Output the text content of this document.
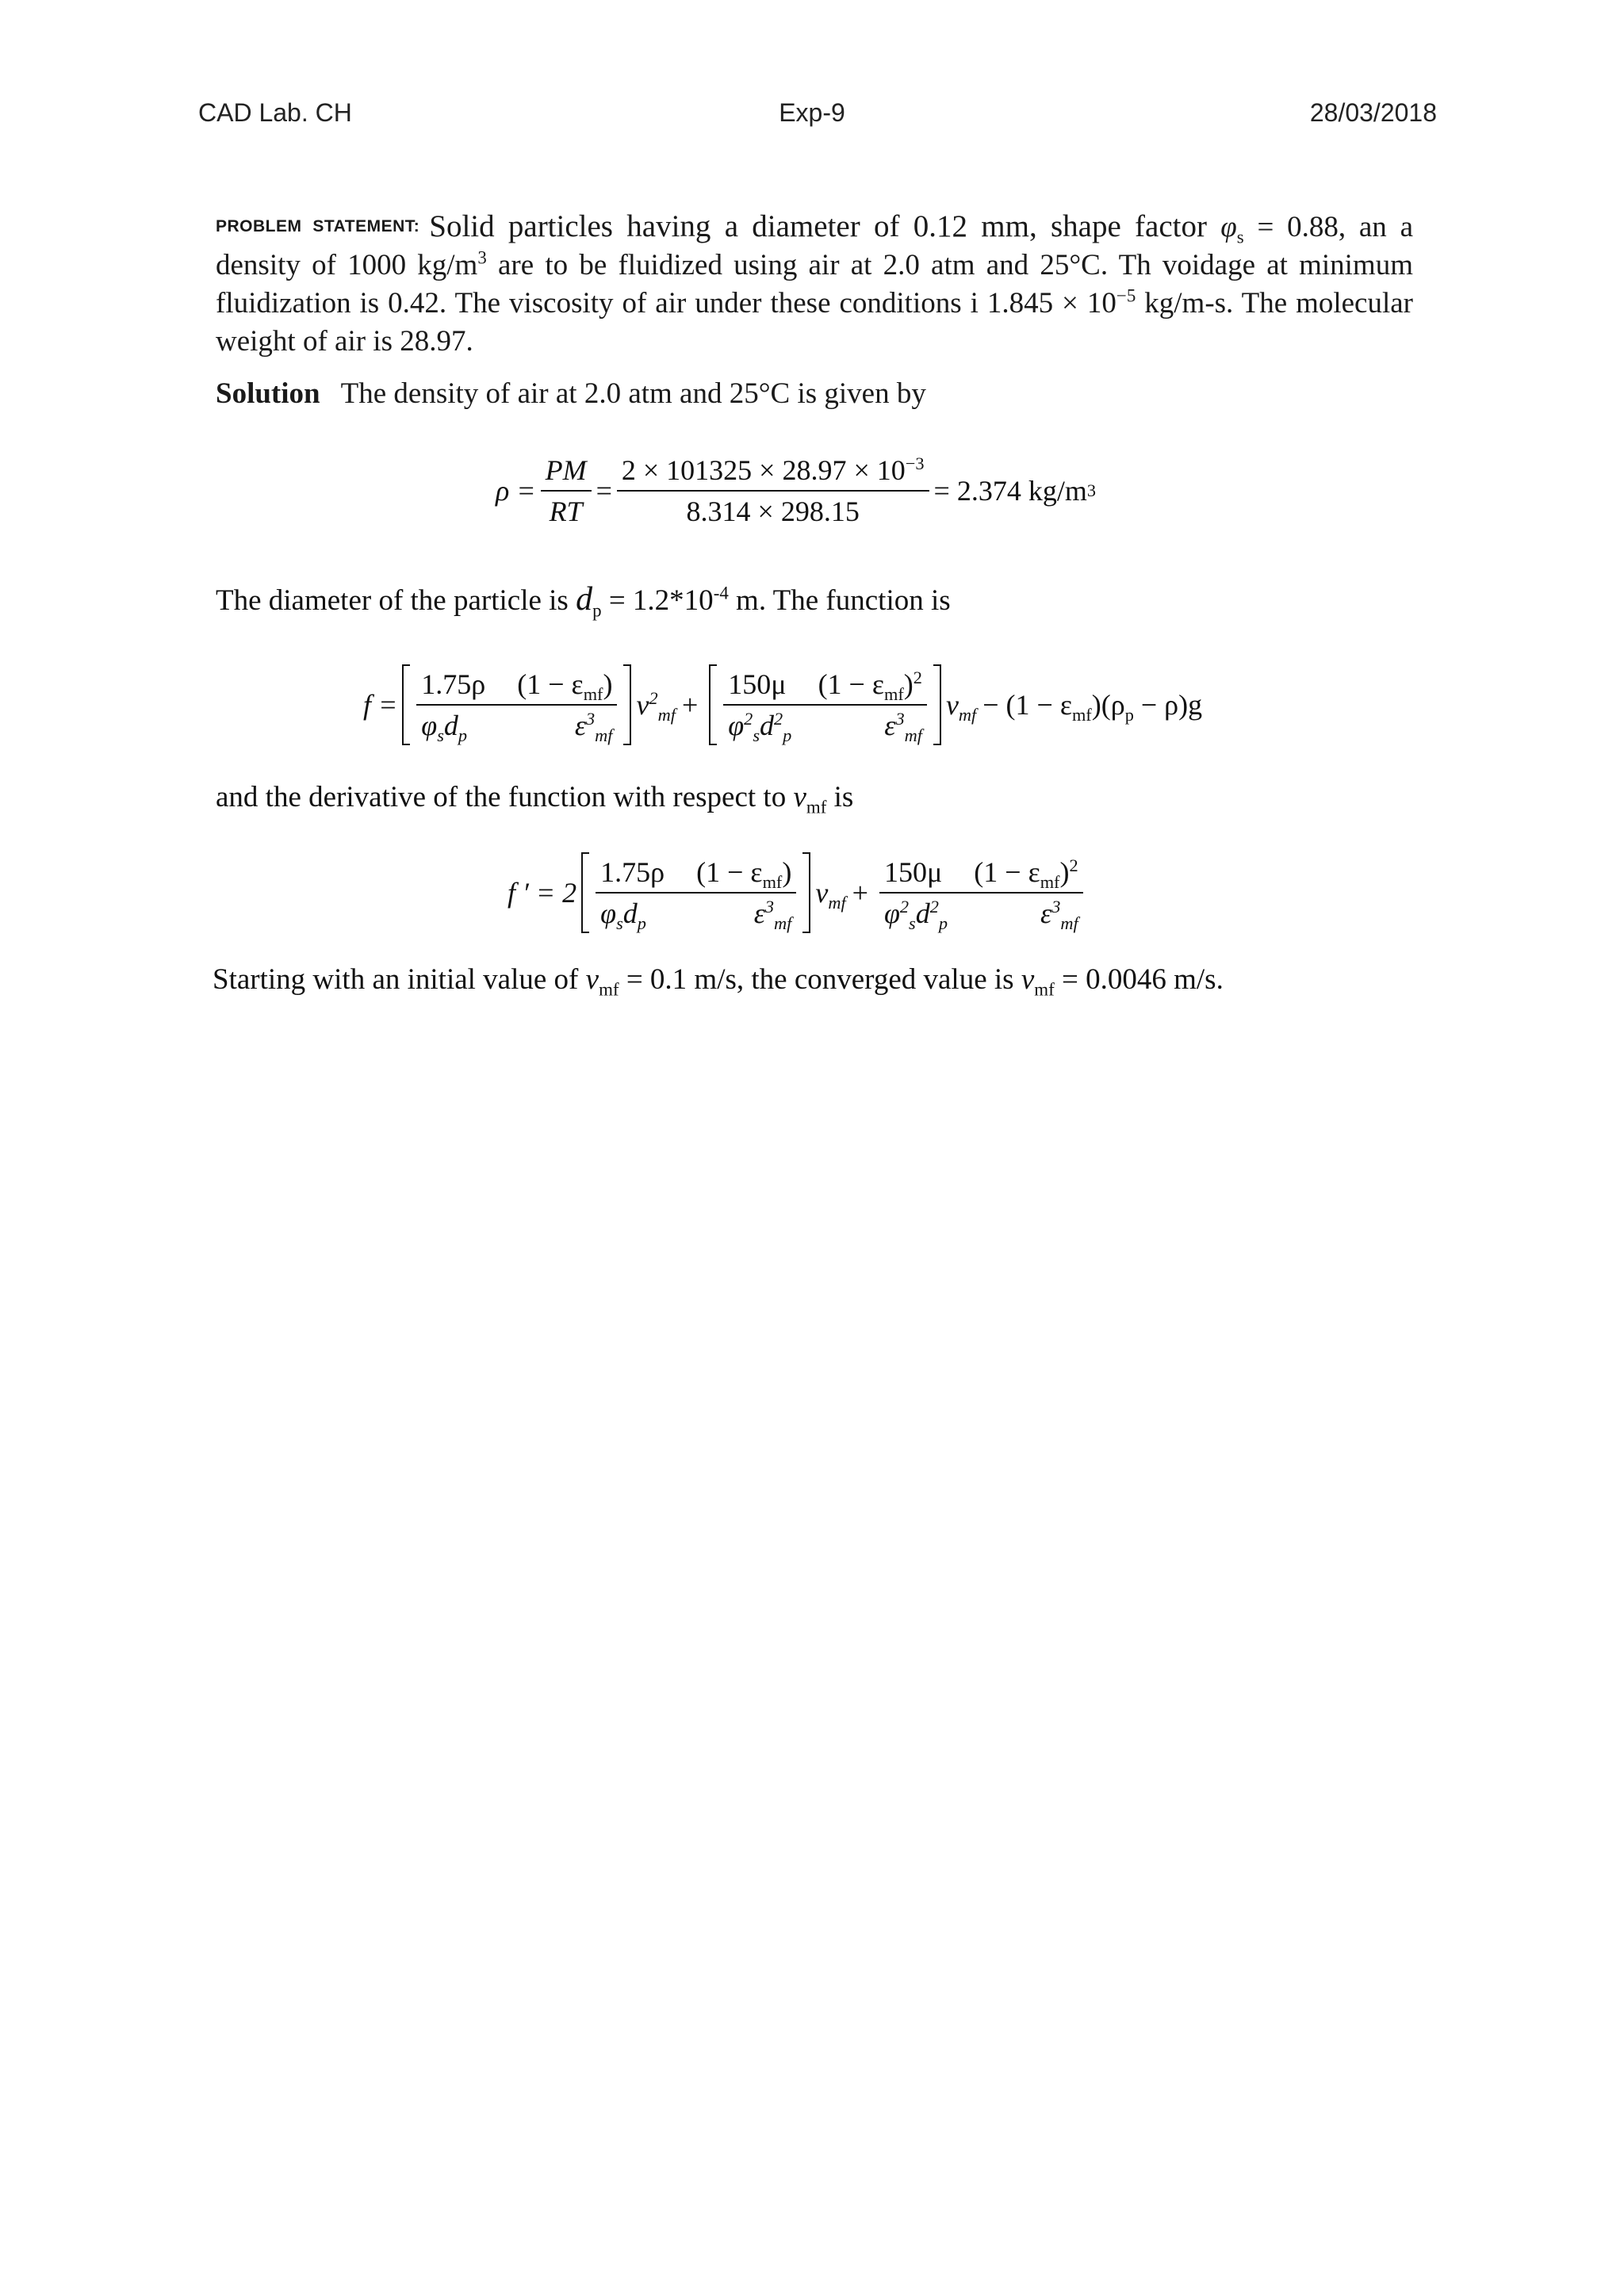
CAD Lab. CH	Exp-9	28/03/2018
PROBLEM STATEMENT: Solid particles having a diameter of 0.12 mm, shape factor $\varphi_s = 0.88$, an a density of 1000 $kg/m^3$ are to be fluidized using air at 2.0 atm and 25°C. Th voidage at minimum fluidization is 0.42. The viscosity of air under these conditions i $1.845 \times 10^{-5}$ kg/m-s. The molecular weight of air is 28.97.
Solution The density of air at 2.0 atm and 25°C is given by
$\rho = \frac{PM}{RT} = \frac{2 \times 101325 \times 28.97 \times 10^{-3}}{8.314 \times 298.15} = 2.374$ kg/m 3
The diameter of the particle is $d_p = 1.2*10^{-4}$ m. The function is
f = 1.75ρ $(1 - \varepsilon_{mf})$
$\varphi_sd_p$	$\varepsilon^3_{mf}$ $v^2_{mf} + 150\mu$ $(1 - \varepsilon_{mf})^2$
$\varphi^2_sd^2_p$	$\varepsilon^3_{mf}$ $v_{mf} - (1 - \varepsilon_{mf})(\rho_p - \rho)g$
and the derivative of the function with respect to $v_{mf}$ is
f ′ = 2 1.75ρ $(1 - \varepsilon_{mf})$
$\varphi_sd_p$	$\varepsilon^3_{mf}$ $v_{mf} + 150\mu$ $(1 - \varepsilon_{mf})^2$
$\varphi^2_sd^2_p$	$\varepsilon^3_{mf}$
Starting with an initial value of $v_{mf} = 0.1$ m/s, the converged value is $v_{mf} = 0.0046$ m/s.
